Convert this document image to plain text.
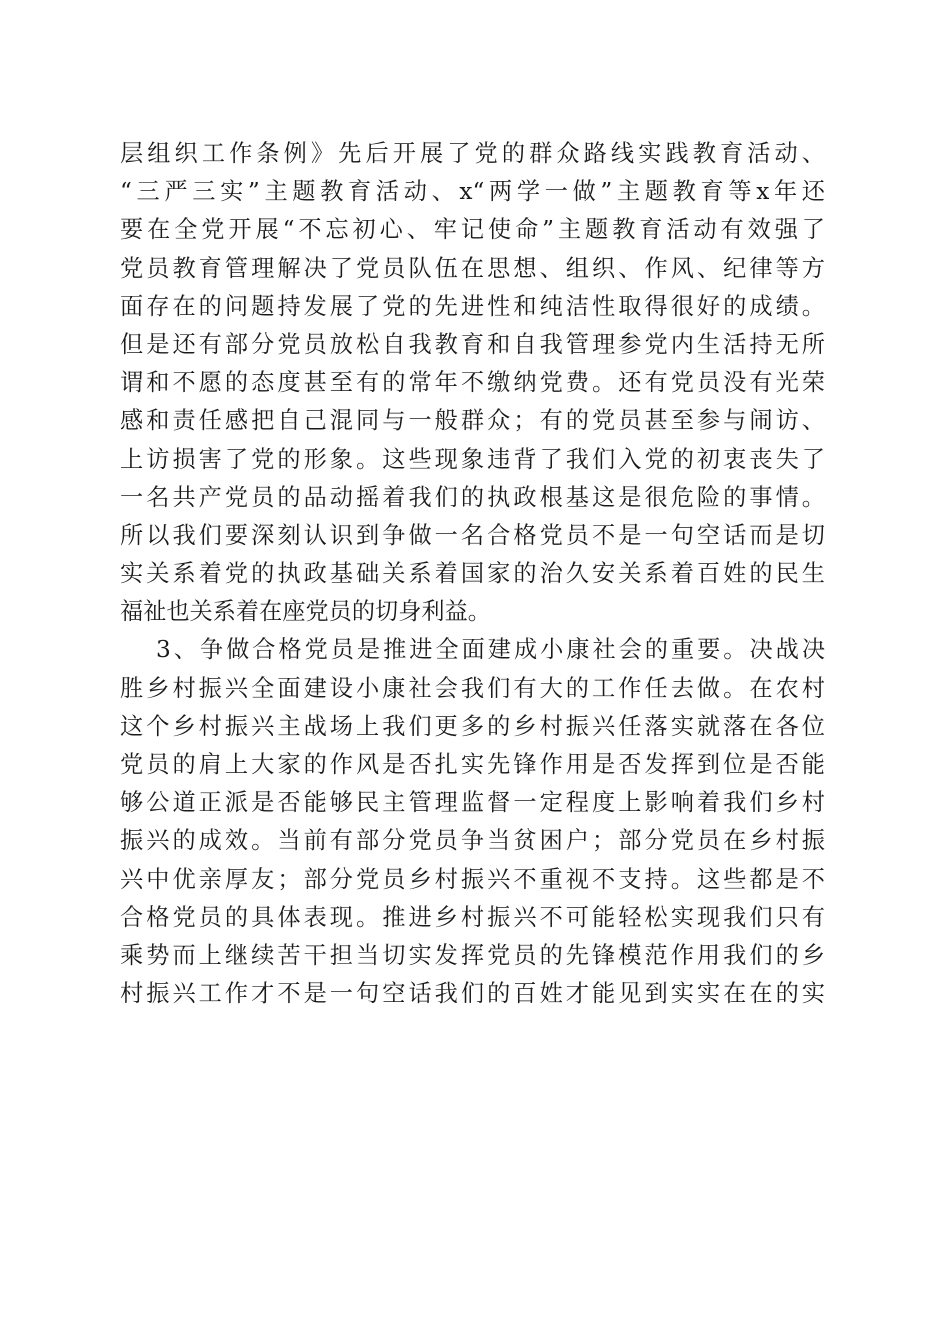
层组织工作条例》先后开展了党的群众路线实践教育活动、
“三严三实”主题教育活动、x“两学一做”主题教育等x年还
要在全党开展“不忘初心、牢记使命”主题教育活动有效强了
党员教育管理解决了党员队伍在思想、组织、作风、纪律等方
面存在的问题持发展了党的先进性和纯洁性取得很好的成绩。
但是还有部分党员放松自我教育和自我管理参党内生活持无所
谓和不愿的态度甚至有的常年不缴纳党费。还有党员没有光荣
感和责任感把自己混同与一般群众；有的党员甚至参与闹访、
上访损害了党的形象。这些现象违背了我们入党的初衷丧失了
一名共产党员的品动摇着我们的执政根基这是很危险的事情。
所以我们要深刻认识到争做一名合格党员不是一句空话而是切
实关系着党的执政基础关系着国家的治久安关系着百姓的民生
福祉也关系着在座党员的切身利益。
3、争做合格党员是推进全面建成小康社会的重要。决战决
胜乡村振兴全面建设小康社会我们有大的工作任去做。在农村
这个乡村振兴主战场上我们更多的乡村振兴任落实就落在各位
党员的肩上大家的作风是否扎实先锋作用是否发挥到位是否能
够公道正派是否能够民主管理监督一定程度上影响着我们乡村
振兴的成效。当前有部分党员争当贫困户；部分党员在乡村振
兴中优亲厚友；部分党员乡村振兴不重视不支持。这些都是不
合格党员的具体表现。推进乡村振兴不可能轻松实现我们只有
乘势而上继续苦干担当切实发挥党员的先锋模范作用我们的乡
村振兴工作才不是一句空话我们的百姓才能见到实实在在的实
